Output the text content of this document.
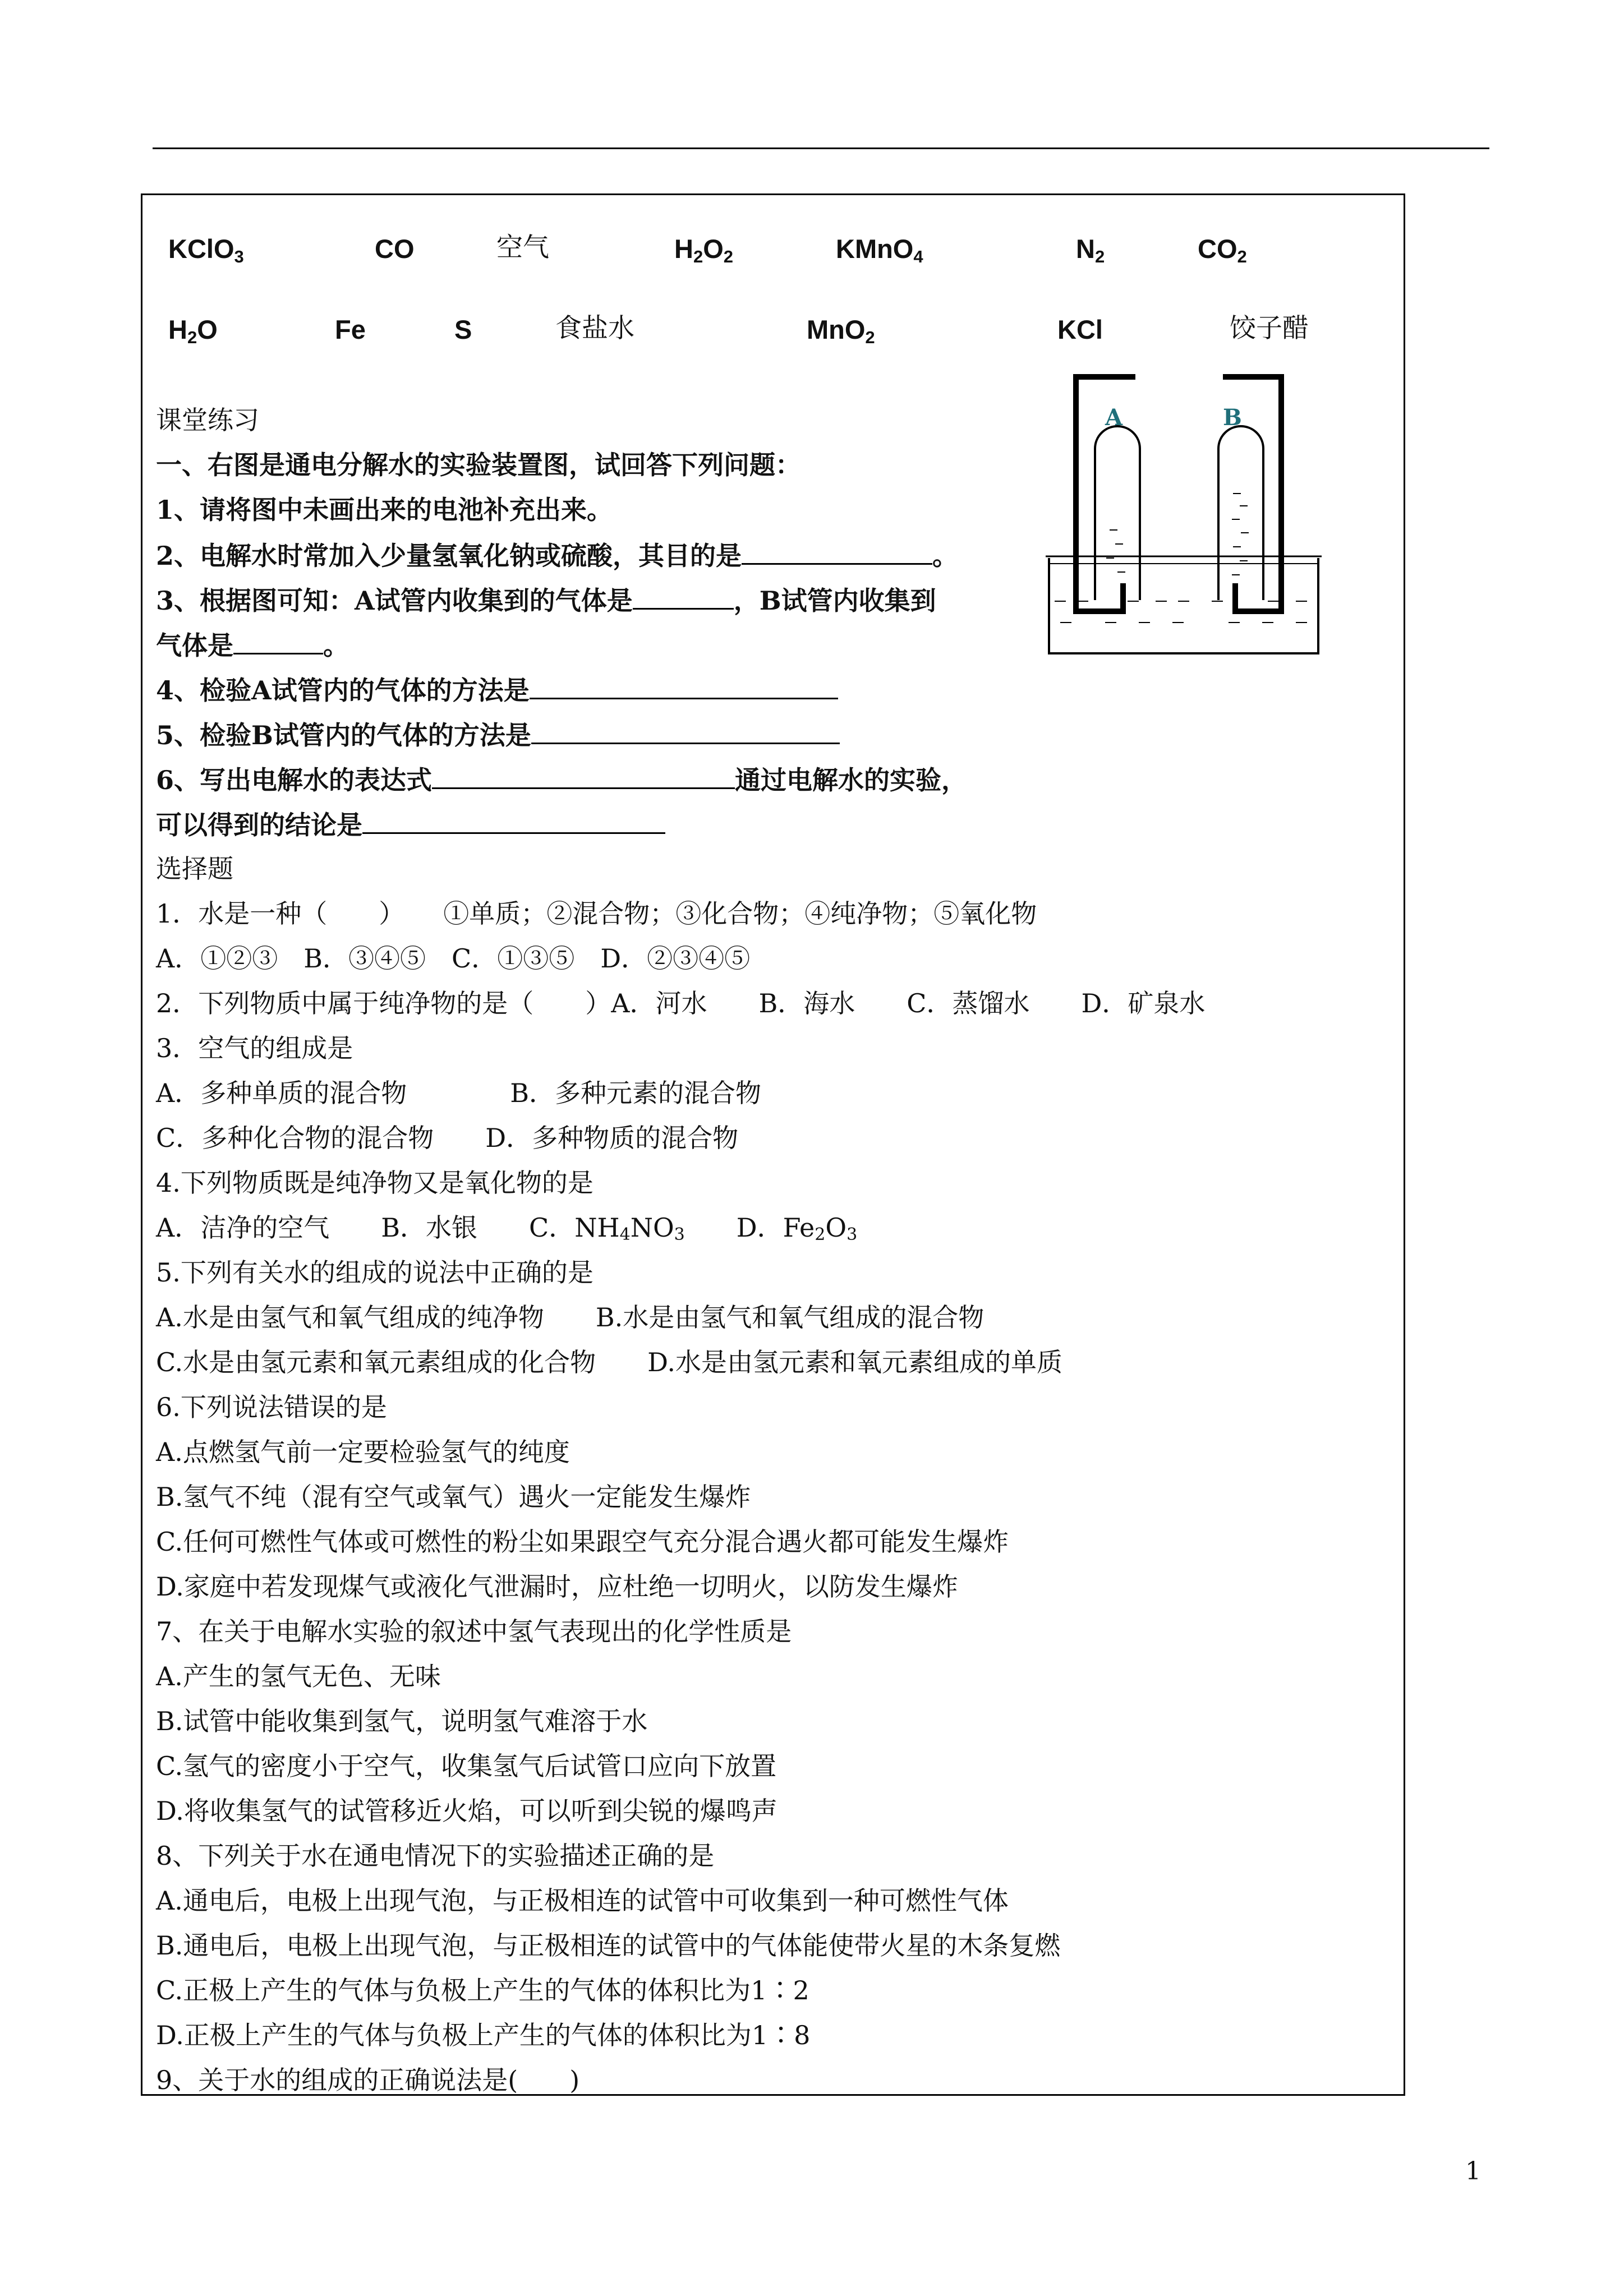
KClO$_3$	CO	空气	$H_2O_2$	KMnO$_4$	$N_2$	$CO_2$
$H_2O$	Fe	S	食盐水	MnO$_2$	KCl	饺子醋
课堂练习
一、右图是通电分解水的实验装置图，试回答下列问题：
1、请将图中未画出来的电池补充出来。
2、电解水时常加入少量氢氧化钠或硫酸，其目的是	。
3、根据图可知：A试管内收集到的气体是	，B试管内收集到
气体是	。
4、检验A试管内的气体的方法是
5、检验B试管内的气体的方法是
6、写出电解水的表达式	通过电解水的实验，
可以得到的结论是
选择题
1．水是一种（　　）　　①单质；②混合物；③化合物；④纯净物；⑤氧化物
A．①②③　B．③④⑤　C．①③⑤　D．②③④⑤
2．下列物质中属于纯净物的是（　　）A．河水　　B．海水　　C．蒸馏水　　D．矿泉水
3．空气的组成是
A．多种单质的混合物　　　　B．多种元素的混合物
C．多种化合物的混合物　　D．多种物质的混合物
4.下列物质既是纯净物又是氧化物的是
A．洁净的空气　　B．水银　　C．$NH_4NO_3$　　D．$Fe_2O_3$
5.下列有关水的组成的说法中正确的是
A.水是由氢气和氧气组成的纯净物　　B.水是由氢气和氧气组成的混合物
C.水是由氢元素和氧元素组成的化合物　　D.水是由氢元素和氧元素组成的单质
6.下列说法错误的是
A.点燃氢气前一定要检验氢气的纯度
B.氢气不纯（混有空气或氧气）遇火一定能发生爆炸
C.任何可燃性气体或可燃性的粉尘如果跟空气充分混合遇火都可能发生爆炸
D.家庭中若发现煤气或液化气泄漏时，应杜绝一切明火，以防发生爆炸
7、在关于电解水实验的叙述中氢气表现出的化学性质是
A.产生的氢气无色、无味
B.试管中能收集到氢气，说明氢气难溶于水
C.氢气的密度小于空气，收集氢气后试管口应向下放置
D.将收集氢气的试管移近火焰，可以听到尖锐的爆鸣声
8、下列关于水在通电情况下的实验描述正确的是
A.通电后，电极上出现气泡，与正极相连的试管中可收集到一种可燃性气体
B.通电后，电极上出现气泡，与正极相连的试管中的气体能使带火星的木条复燃
C.正极上产生的气体与负极上产生的气体的体积比为1∶2
D.正极上产生的气体与负极上产生的气体的体积比为1∶8
9、关于水的组成的正确说法是(　　)
A	B
1
